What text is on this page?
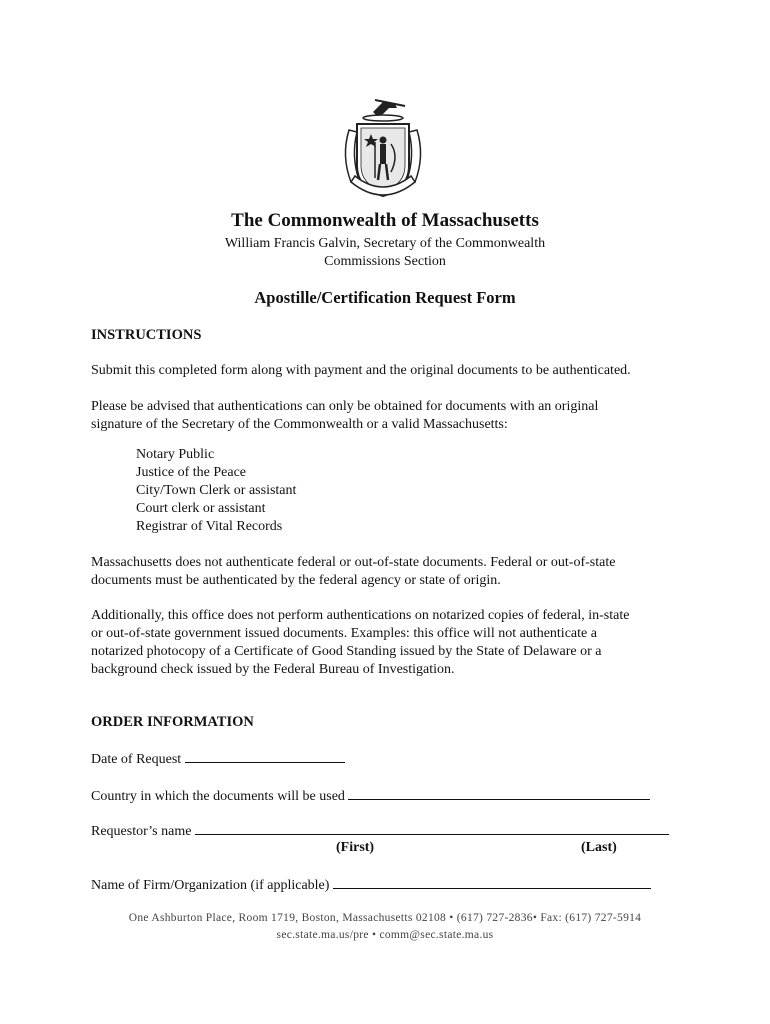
The Commonwealth of Massachusetts
William Francis Galvin, Secretary of the Commonwealth
Commissions Section
Apostille/Certification Request Form
INSTRUCTIONS
Submit this completed form along with payment and the original documents to be authenticated.
Please be advised that authentications can only be obtained for documents with an original
signature of the Secretary of the Commonwealth or a valid Massachusetts:
Notary Public
Justice of the Peace
City/Town Clerk or assistant
Court clerk or assistant
Registrar of Vital Records
Massachusetts does not authenticate federal or out-of-state documents. Federal or out-of-state
documents must be authenticated by the federal agency or state of origin.
Additionally, this office does not perform authentications on notarized copies of federal, in-state
or out-of-state government issued documents. Examples: this office will not authenticate a
notarized photocopy of a Certificate of Good Standing issued by the State of Delaware or a
background check issued by the Federal Bureau of Investigation.
ORDER INFORMATION
Date of Request
Country in which the documents will be used
Requestor’s name
(First)	(Last)
Name of Firm/Organization (if applicable)
One Ashburton Place, Room 1719, Boston, Massachusetts 02108 • (617) 727-2836• Fax: (617) 727-5914
sec.state.ma.us/pre • comm@sec.state.ma.us
